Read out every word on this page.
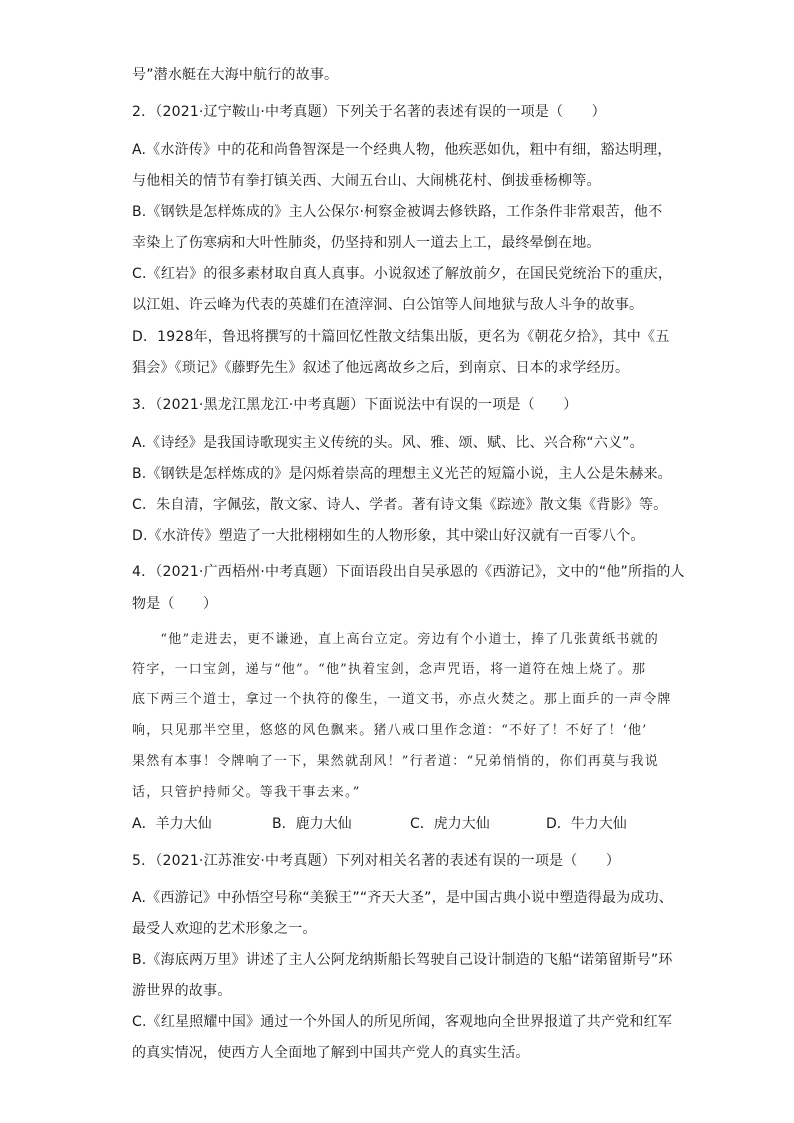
号”潜水艇在大海中航行的故事。
2．（2021·辽宁鞍山·中考真题）下列关于名著的表述有误的一项是（　　）
A.《水浒传》中的花和尚鲁智深是一个经典人物，他疾恶如仇，粗中有细，豁达明理，
与他相关的情节有拳打镇关西、大闹五台山、大闹桃花村、倒拔垂杨柳等。
B.《钢铁是怎样炼成的》主人公保尔·柯察金被调去修铁路，工作条件非常艰苦，他不
幸染上了伤寒病和大叶性肺炎，仍坚持和别人一道去上工，最终晕倒在地。
C.《红岩》的很多素材取自真人真事。小说叙述了解放前夕，在国民党统治下的重庆，
以江姐、许云峰为代表的英雄们在渣滓洞、白公馆等人间地狱与敌人斗争的故事。
D．1928年，鲁迅将撰写的十篇回忆性散文结集出版，更名为《朝花夕拾》，其中《五
猖会》《琐记》《藤野先生》叙述了他远离故乡之后，到南京、日本的求学经历。
3．（2021·黑龙江黑龙江·中考真题）下面说法中有误的一项是（　　）
A.《诗经》是我国诗歌现实主义传统的头。风、雅、颂、赋、比、兴合称“六义”。
B.《钢铁是怎样炼成的》是闪烁着崇高的理想主义光芒的短篇小说，主人公是朱赫来。
C．朱自清，字佩弦，散文家、诗人、学者。著有诗文集《踪迹》散文集《背影》等。
D.《水浒传》塑造了一大批栩栩如生的人物形象，其中梁山好汉就有一百零八个。
4．（2021·广西梧州·中考真题）下面语段出自吴承恩的《西游记》，文中的“他”所指的人
物是（　　）
　　“他”走进去，更不谦逊，直上高台立定。旁边有个小道士，捧了几张黄纸书就的
符字，一口宝剑，递与“他”。“他”执着宝剑，念声咒语，将一道符在烛上烧了。那
底下两三个道士，拿过一个执符的像生，一道文书，亦点火焚之。那上面乒的一声令牌
响，只见那半空里，悠悠的风色飘来。猪八戒口里作念道：“不好了！不好了！‘他’
果然有本事！令牌响了一下，果然就刮风！”行者道：“兄弟悄悄的，你们再莫与我说
话，只管护持师父。等我干事去来。”
A．羊力大仙	B．鹿力大仙	C．虎力大仙	D．牛力大仙
5．（2021·江苏淮安·中考真题）下列对相关名著的表述有误的一项是（　　）
A.《西游记》中孙悟空号称“美猴王”“齐天大圣”，是中国古典小说中塑造得最为成功、
最受人欢迎的艺术形象之一。
B.《海底两万里》讲述了主人公阿龙纳斯船长驾驶自己设计制造的飞船“诺第留斯号”环
游世界的故事。
C.《红星照耀中国》通过一个外国人的所见所闻，客观地向全世界报道了共产党和红军
的真实情况，使西方人全面地了解到中国共产党人的真实生活。
